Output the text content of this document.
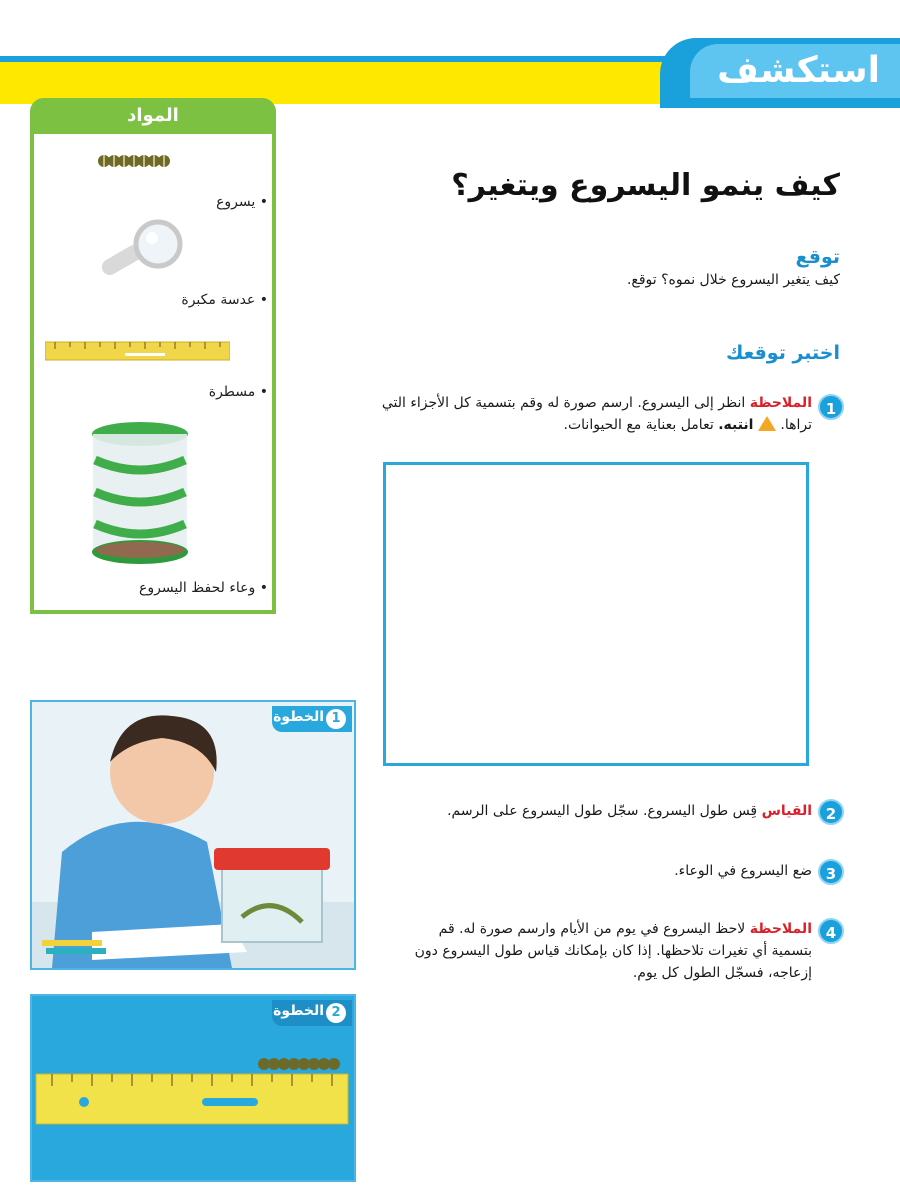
استكشف
المواد
• يسروع
• عدسة مكبرة
• مسطرة
• وعاء لحفظ اليسروع
كيف ينمو اليسروع ويتغير؟
توقع
كيف يتغير اليسروع خلال نموه؟ توقع.
اختبر توقعك
1
الملاحظة انظر إلى اليسروع. ارسم صورة له وقم بتسمية كل الأجزاء التي تراها.  انتبه. تعامل بعناية مع الحيوانات.
2
القياس قِس طول اليسروع. سجّل طول اليسروع على الرسم.
3
ضع اليسروع في الوعاء.
4
الملاحظة لاحظ اليسروع في يوم من الأيام وارسم صورة له. قم بتسمية أي تغيرات تلاحظها. إذا كان بإمكانك قياس طول اليسروع دون إزعاجه، فسجّل الطول كل يوم.
الخطوة 1
الخطوة 2
